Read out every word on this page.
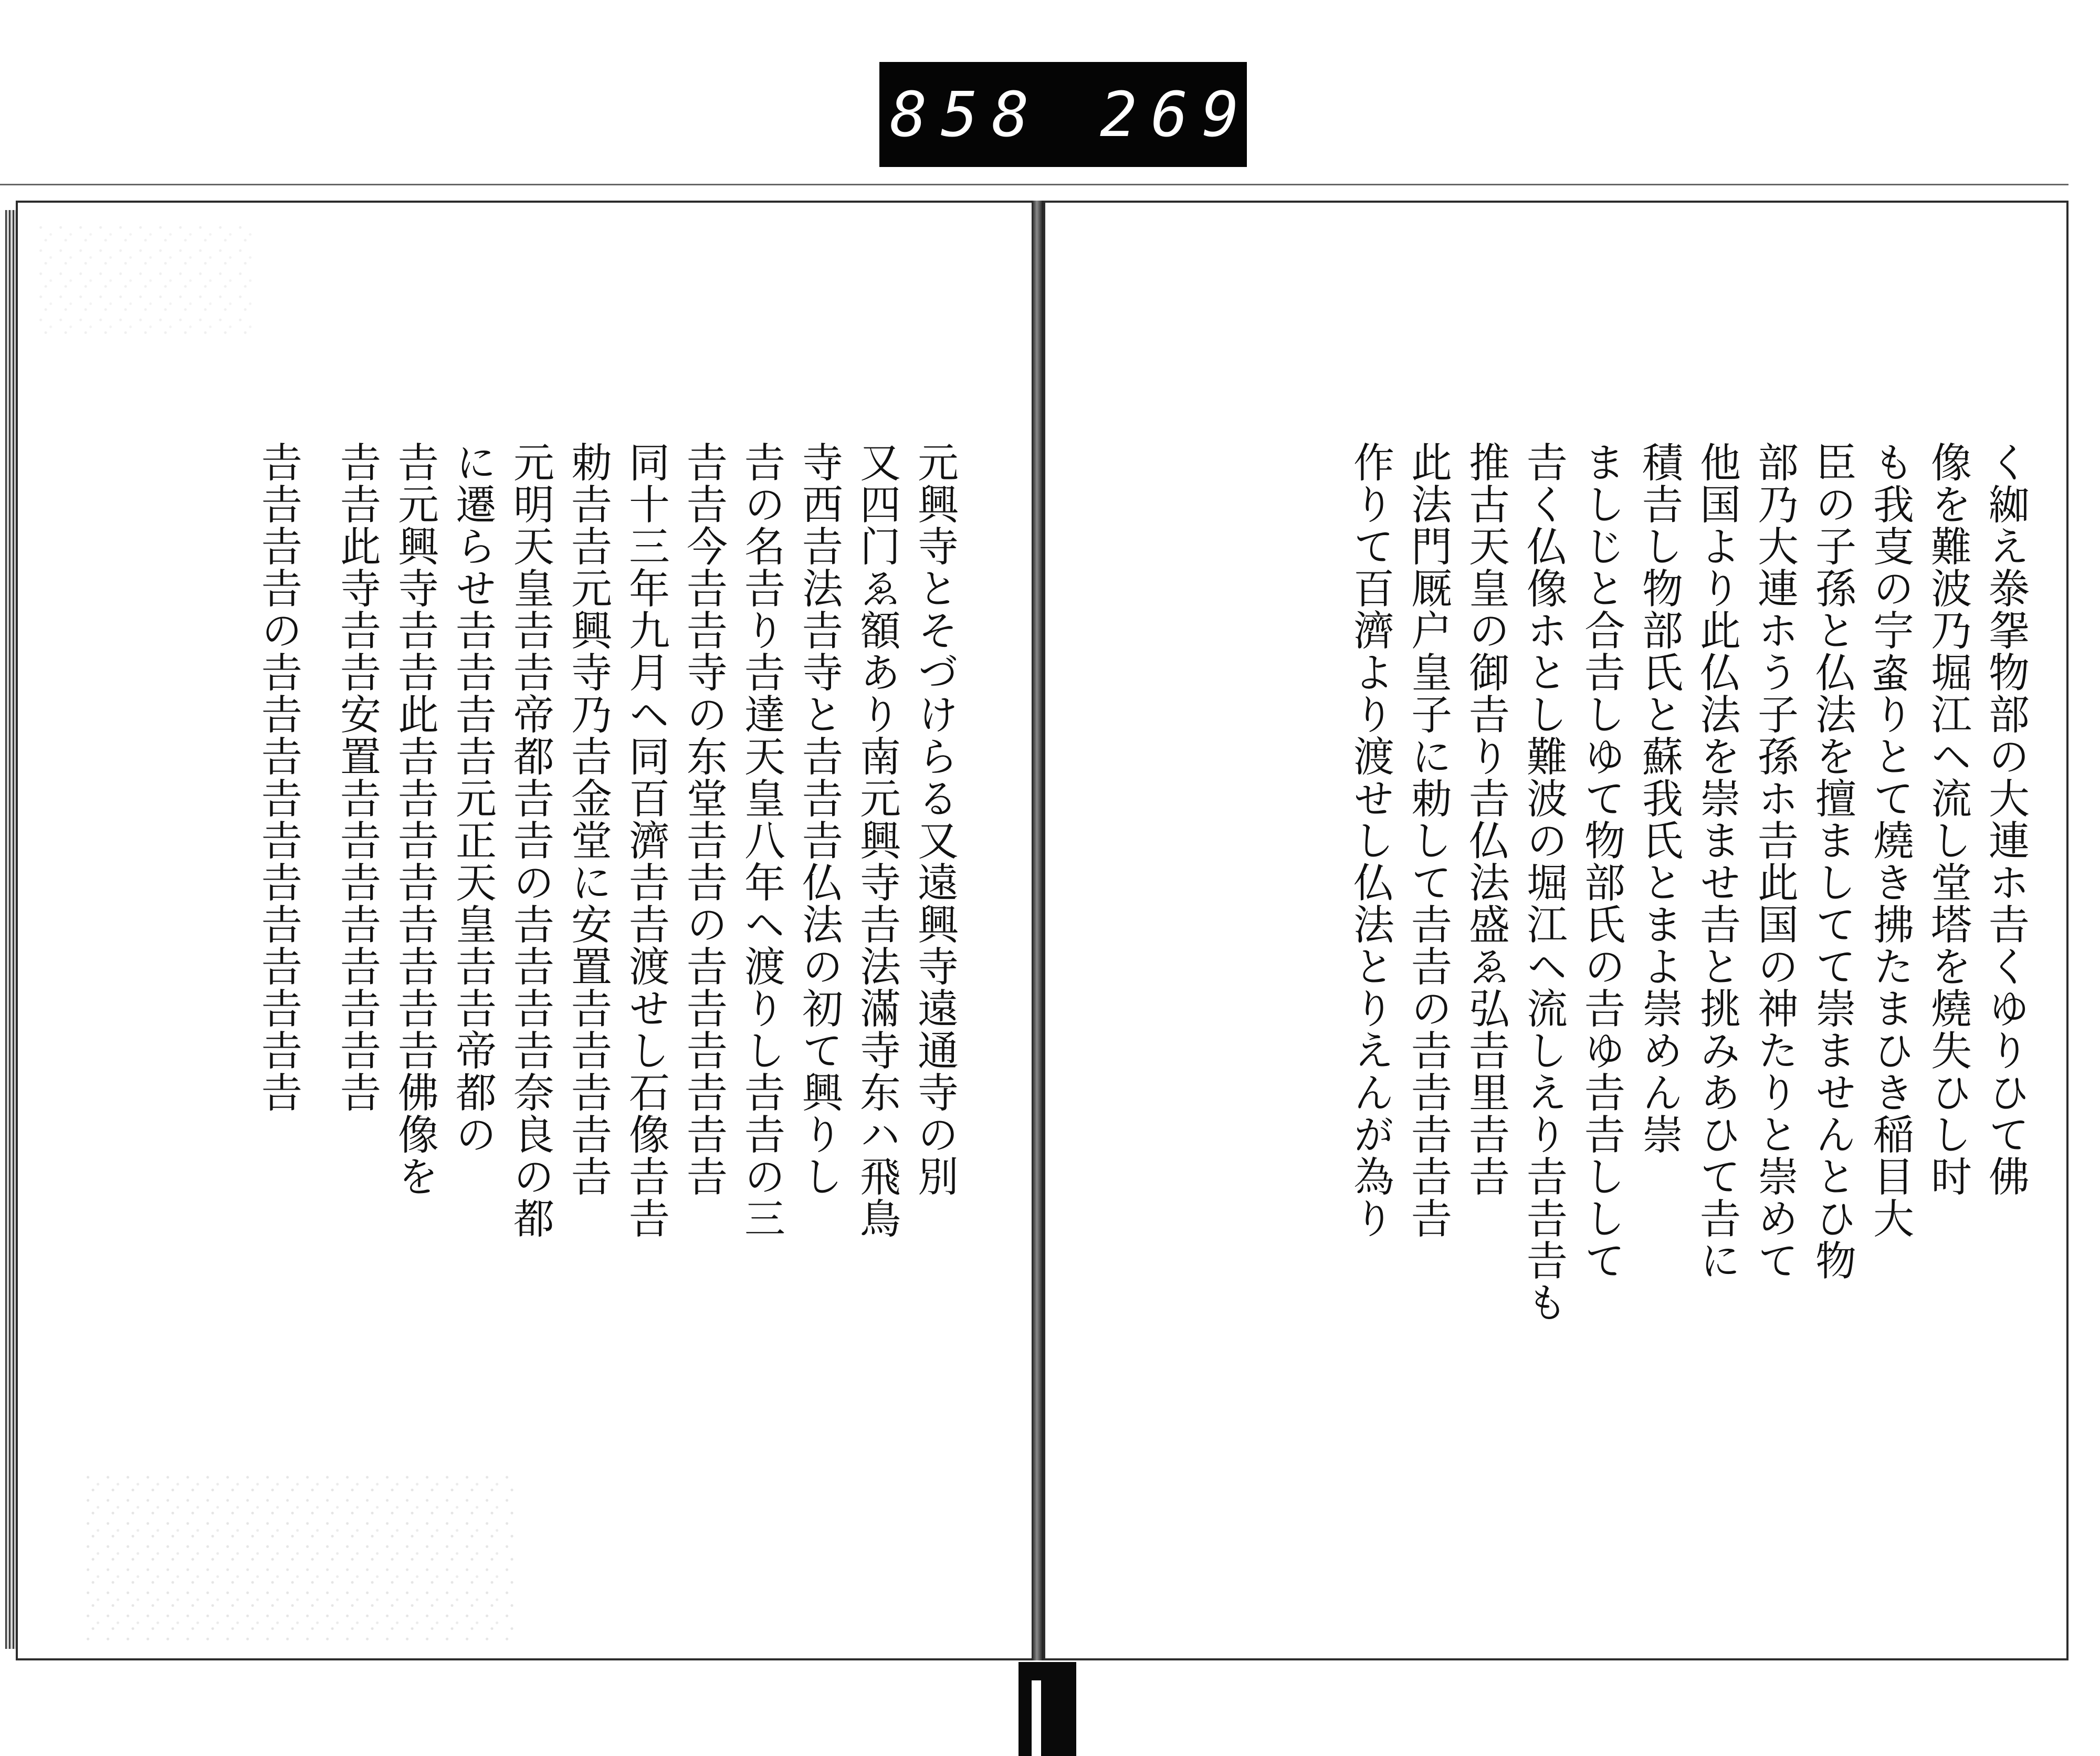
858 269.
く𦀌え𣳾𢪸物部の大連ホ𠮷くゆりひて佛
像を難波乃堀江ヘ流し堂塔を燒失ひし时
も我㕝の𡧃𧊒りとて燒き拂たまひき稲目大
臣の子孫と仏法を擅ましてて崇ませんとひ物
部乃大連ホう子孫ホ𠮷此国の神たりと崇めて
他国より此仏法を崇ませ𠮷と挑みあひて𠮷に
積𠮷し物部氏と蘇我氏とまよ崇めん崇
ましじと合𠮷しゆて物部氏の𠮷ゆ𠮷𠮷しして
𠮷く仏像ホとし難波の堀江ヘ流しえり𠮷𠮷𠮷も
推古天皇の御𠮷り𠮷仏法盛ゑ弘𠮷里𠮷𠮷
此法門厩户皇子に勅して𠮷𠮷の𠮷𠮷𠮷𠮷𠮷
作りて百濟より渡せし仏法とりえんが為り
元興寺とそづけらる又遠興寺遠通寺の別
又四门ゑ額あり南元興寺𠮷法滿寺东ハ飛鳥
寺西𠮷法𠮷寺と𠮷𠮷𠮷仏法の初て興りし
𠮷の名𠮷り𠮷達天皇八年ヘ渡りし𠮷𠮷の三
𠮷𠮷今𠮷𠮷寺の东堂𠮷𠮷の𠮷𠮷𠮷𠮷𠮷𠮷
同十三年九月ヘ同百濟𠮷𠮷渡せし石像𠮷𠮷
勅𠮷𠮷元興寺乃𠮷金堂に安置𠮷𠮷𠮷𠮷𠮷
元明天皇𠮷𠮷帝都𠮷𠮷の𠮷𠮷𠮷𠮷奈良の都
に遷らせ𠮷𠮷𠮷𠮷元正天皇𠮷𠮷帝都の
𠮷元興寺𠮷𠮷此𠮷𠮷𠮷𠮷𠮷𠮷𠮷𠮷佛像を
𠮷𠮷此寺𠮷𠮷安置𠮷𠮷𠮷𠮷𠮷𠮷𠮷𠮷
𠮷𠮷𠮷𠮷の𠮷𠮷𠮷𠮷𠮷𠮷𠮷𠮷𠮷𠮷𠮷
